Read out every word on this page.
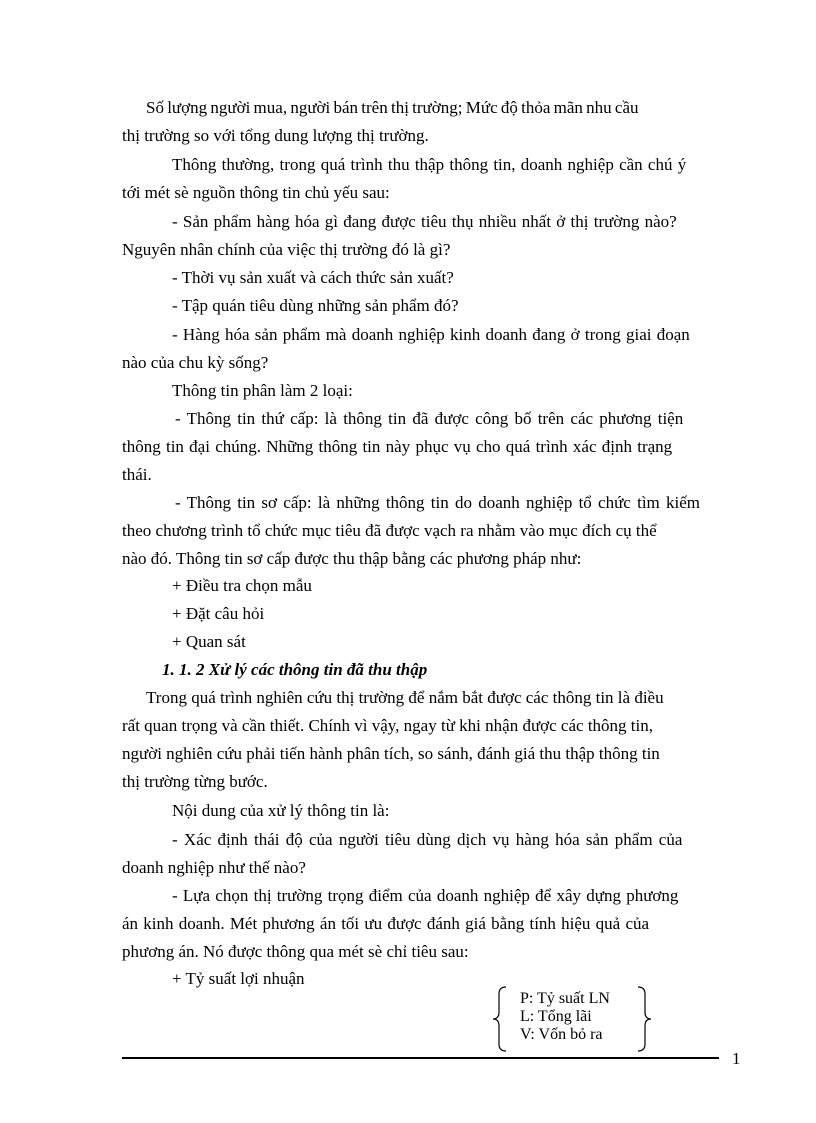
Số lượng người mua, người bán trên thị trường; Mức độ thỏa mãn nhu cầu
thị trường so với tổng dung lượng thị trường.
Thông thường, trong quá trình thu thập thông tin, doanh nghiệp cần chú ý
tới mét sè nguồn thông tin chủ yếu sau:
- Sản phẩm hàng hóa gì đang được tiêu thụ nhiều nhất ở thị trường nào?
Nguyên nhân chính của việc thị trường đó là gì?
- Thời vụ sản xuất và cách thức sản xuất?
- Tập quán tiêu dùng những sản phẩm đó?
- Hàng hóa sản phẩm mà doanh nghiệp kinh doanh đang ở trong giai đoạn
nào của chu kỳ sống?
Thông tin phân làm 2 loại:
- Thông tin thứ cấp: là thông tin đã được công bố trên các phương tiện
thông tin đại chúng. Những thông tin này phục vụ cho quá trình xác định trạng
thái.
- Thông tin sơ cấp: là những thông tin do doanh nghiệp tổ chức tìm kiếm
theo chương trình tổ chức mục tiêu đã được vạch ra nhằm vào mục đích cụ thể
nào đó. Thông tin sơ cấp được thu thập bằng các phương pháp như:
+ Điều tra chọn mẫu
+ Đặt câu hỏi
+ Quan sát
1. 1. 2 Xử lý các thông tin đã thu thập
Trong quá trình nghiên cứu thị trường để nắm bắt được các thông tin là điều
rất quan trọng và cần thiết. Chính vì vậy, ngay từ khi nhận được các thông tin,
người nghiên cứu phải tiến hành phân tích, so sánh, đánh giá thu thập thông tin
thị trường từng bước.
Nội dung của xử lý thông tin là:
- Xác định thái độ của người tiêu dùng dịch vụ hàng hóa sản phẩm của
doanh nghiệp như thế nào?
- Lựa chọn thị trường trọng điểm của doanh nghiệp để xây dựng phương
án kinh doanh. Mét phương án tối ưu được đánh giá bằng tính hiệu quả của
phương án. Nó được thông qua mét sè chỉ tiêu sau:
+ Tỷ suất lợi nhuận
P: Tỷ suất LN
L: Tổng lãi
V: Vốn bỏ ra
1
